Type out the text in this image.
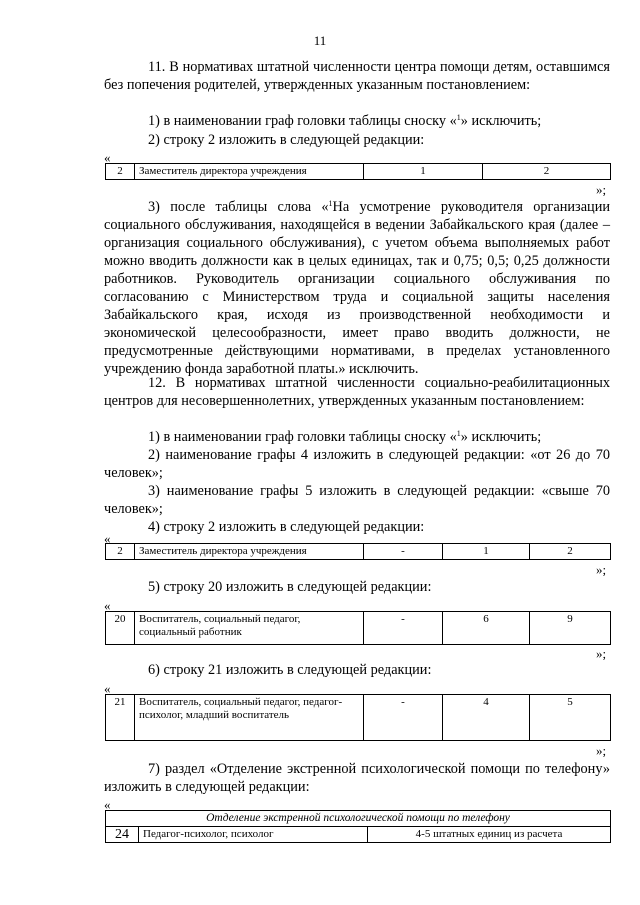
11

11. В нормативах штатной численности центра помощи детям, оставшимся без попечения родителей, утвержденных указанным постановлением:

1) в наименовании граф головки таблицы сноску «$^1$» исключить;

2) строку 2 изложить в следующей редакции:

«

2	Заместитель директора учреждения	1	2

»;

3) после таблицы слова «$^1$На усмотрение руководителя организации социального обслуживания, находящейся в ведении Забайкальского края (далее – организация социального обслуживания), с учетом объема выполняемых работ можно вводить должности как в целых единицах, так и 0,75; 0,5; 0,25 должности работников. Руководитель организации социального обслуживания по согласованию с Министерством труда и социальной защиты населения Забайкальского края, исходя из производственной необходимости и экономической целесообразности, имеет право вводить должности, не предусмотренные действующими нормативами, в пределах установленного учреждению фонда заработной платы.» исключить.

12. В нормативах штатной численности социально-реабилитационных центров для несовершеннолетних, утвержденных указанным постановлением:

1) в наименовании граф головки таблицы сноску «$^1$» исключить;

2) наименование графы 4 изложить в следующей редакции: «от 26 до 70 человек»;

3) наименование графы 5 изложить в следующей редакции: «свыше 70 человек»;

4) строку 2 изложить в следующей редакции:

«

2	Заместитель директора учреждения	-	1	2

»;

5) строку 20 изложить в следующей редакции:

«

20	Воспитатель, социальный педагог, социальный работник	-	6	9

»;

6) строку 21 изложить в следующей редакции:

«

21	Воспитатель, социальный педагог, педагог-психолог, младший воспитатель	-	4	5

»;

7) раздел «Отделение экстренной психологической помощи по телефону» изложить в следующей редакции:

«

Отделение экстренной психологической помощи по телефону
24	Педагог-психолог, психолог	4-5 штатных единиц из расчета
